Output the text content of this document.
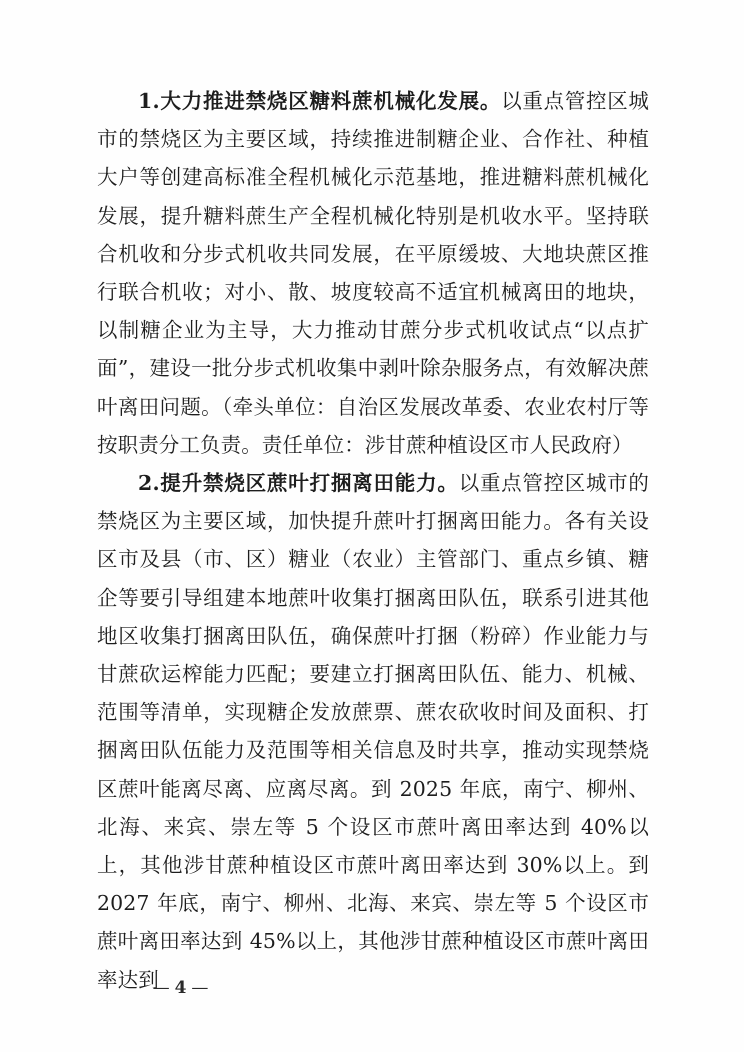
1.大力推进禁烧区糖料蔗机械化发展。以重点管控区城市的禁烧区为主要区域，持续推进制糖企业、合作社、种植大户等创建高标准全程机械化示范基地，推进糖料蔗机械化发展，提升糖料蔗生产全程机械化特别是机收水平。坚持联合机收和分步式机收共同发展，在平原缓坡、大地块蔗区推行联合机收；对小、散、坡度较高不适宜机械离田的地块，以制糖企业为主导，大力推动甘蔗分步式机收试点“以点扩面”，建设一批分步式机收集中剥叶除杂服务点，有效解决蔗叶离田问题。（牵头单位：自治区发展改革委、农业农村厅等按职责分工负责。责任单位：涉甘蔗种植设区市人民政府）

2.提升禁烧区蔗叶打捆离田能力。以重点管控区城市的禁烧区为主要区域，加快提升蔗叶打捆离田能力。各有关设区市及县（市、区）糖业（农业）主管部门、重点乡镇、糖企等要引导组建本地蔗叶收集打捆离田队伍，联系引进其他地区收集打捆离田队伍，确保蔗叶打捆（粉碎）作业能力与甘蔗砍运榨能力匹配；要建立打捆离田队伍、能力、机械、范围等清单，实现糖企发放蔗票、蔗农砍收时间及面积、打捆离田队伍能力及范围等相关信息及时共享，推动实现禁烧区蔗叶能离尽离、应离尽离。到 2025 年底，南宁、柳州、北海、来宾、崇左等 5 个设区市蔗叶离田率达到 40%以上，其他涉甘蔗种植设区市蔗叶离田率达到 30%以上。到 2027 年底，南宁、柳州、北海、来宾、崇左等 5 个设区市蔗叶离田率达到 45%以上，其他涉甘蔗种植设区市蔗叶离田率达到

— 4 —
